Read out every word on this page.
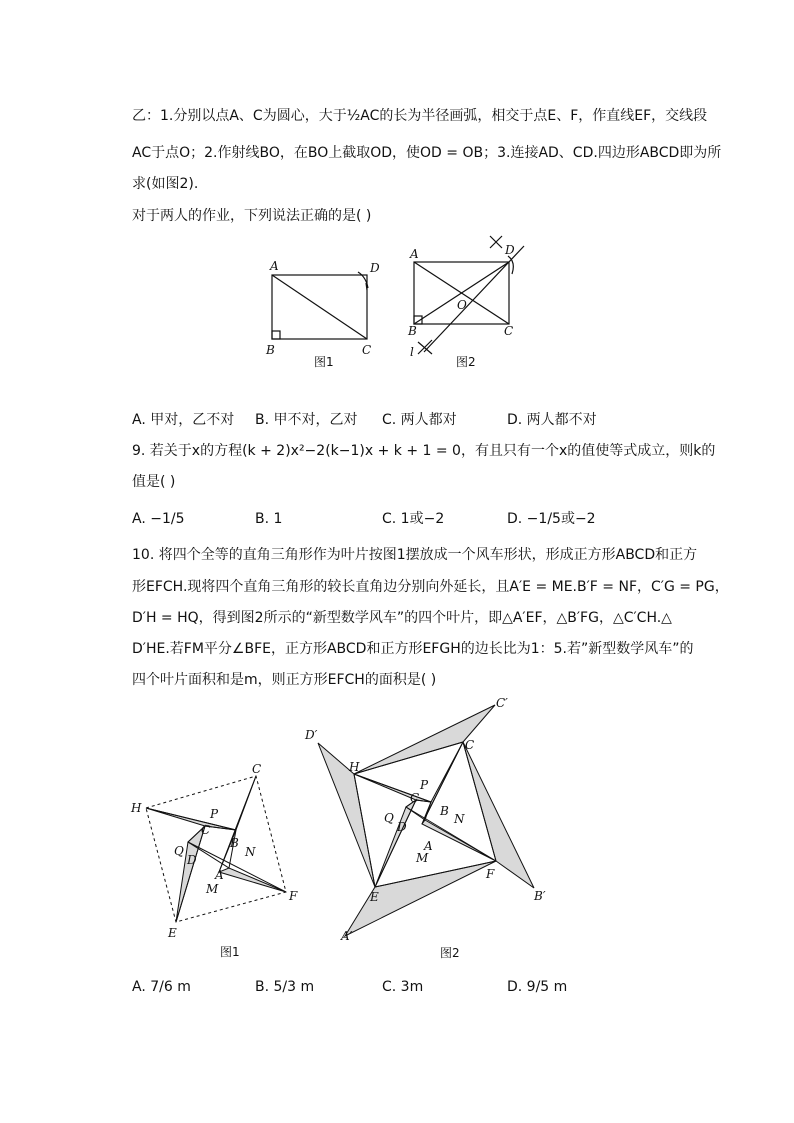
乙：1.分别以点A、C为圆心，大于½AC的长为半径画弧，相交于点E、F，作直线EF，交线段
AC于点O；2.作射线BO，在BO上截取OD，使OD = OB；3.连接AD、CD.四边形ABCD即为所
求(如图2).
对于两人的作业，下列说法正确的是( )
A	D
B	C
图1
A	D
O
B	C
l
图2
A. 甲对，乙不对 B. 甲不对，乙对 C. 两人都对	D. 两人都不对
9. 若关于x的方程(k + 2)x²−2(k−1)x + k + 1 = 0，有且只有一个x的值使等式成立，则k的
值是( )
A. −1/5	B. 1	C. 1或−2	D. −1/5或−2
10. 将四个全等的直角三角形作为叶片按图1摆放成一个风车形状，形成正方形ABCD和正方
形EFCH.现将四个直角三角形的较长直角边分别向外延长，且A′E = ME.B′F = NF，C′G = PG，
D′H = HQ，得到图2所示的“新型数学风车”的四个叶片，即△A′EF，△B′FG，△C′CH.△
D′HE.若FM平分∠BFE，正方形ABCD和正方形EFGH的边长比为1：5.若”新型数学风车”的
四个叶片面积和是m，则正方形EFCH的面积是( )
C
H	P
C
B
N
Q
D
A
M	F
E
图1
C′
D′
C
H
P
C
B
Q
D
N
A
M
F
E	B′
A′
图2
A. 7/6 m	B. 5/3 m	C. 3m	D. 9/5 m
